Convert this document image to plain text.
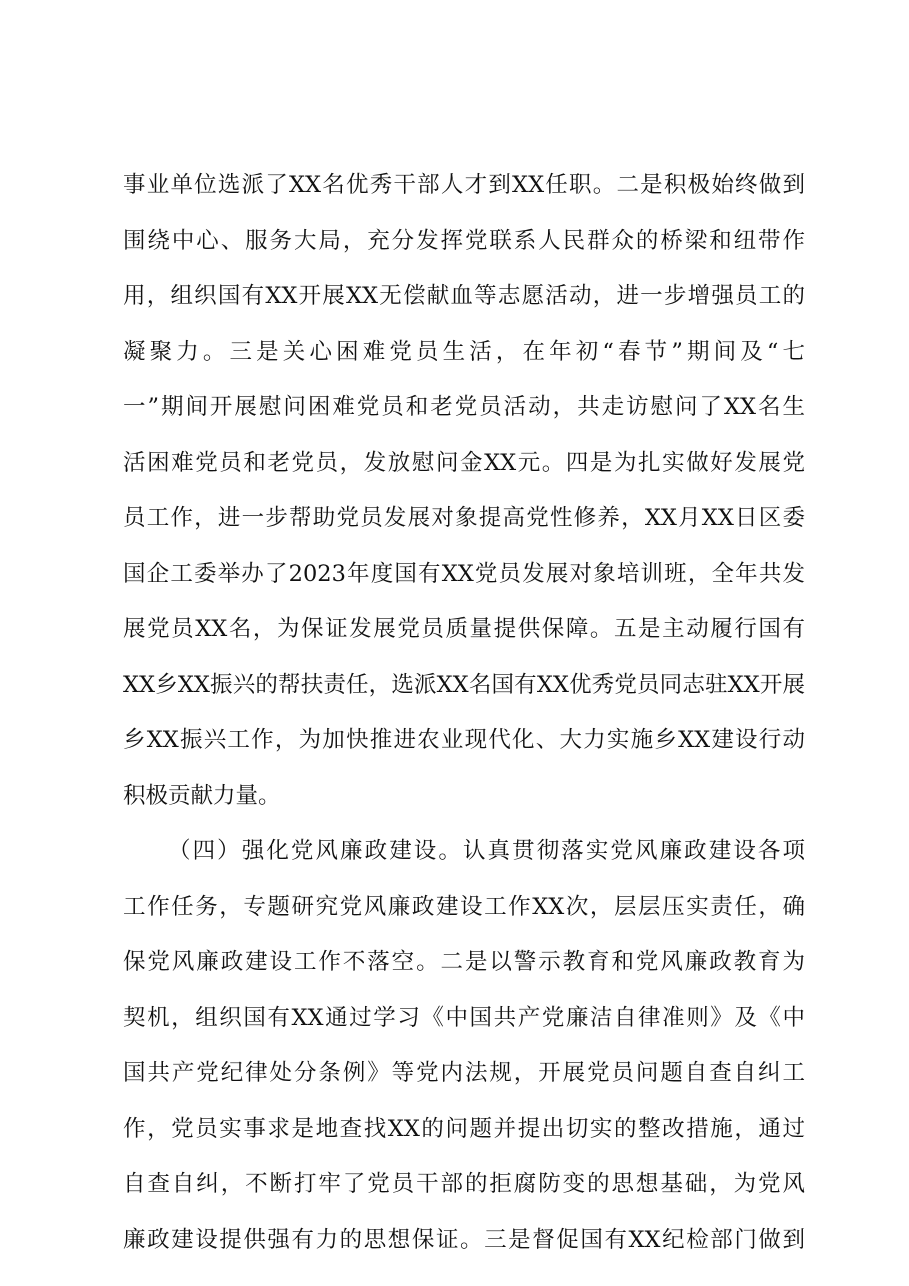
事业单位选派了XX名优秀干部人才到XX任职。二是积极始终做到
围绕中心、服务大局，充分发挥党联系人民群众的桥梁和纽带作
用，组织国有XX开展XX无偿献血等志愿活动，进一步增强员工的
凝聚力。三是关心困难党员生活，在年初“春节”期间及“七
一”期间开展慰问困难党员和老党员活动，共走访慰问了XX名生
活困难党员和老党员，发放慰问金XX元。四是为扎实做好发展党
员工作，进一步帮助党员发展对象提高党性修养，XX月XX日区委
国企工委举办了2023年度国有XX党员发展对象培训班，全年共发
展党员XX名，为保证发展党员质量提供保障。五是主动履行国有
XX乡XX振兴的帮扶责任，选派XX名国有XX优秀党员同志驻XX开展
乡XX振兴工作，为加快推进农业现代化、大力实施乡XX建设行动
积极贡献力量。
（四）强化党风廉政建设。认真贯彻落实党风廉政建设各项
工作任务，专题研究党风廉政建设工作XX次，层层压实责任，确
保党风廉政建设工作不落空。二是以警示教育和党风廉政教育为
契机，组织国有XX通过学习《中国共产党廉洁自律准则》及《中
国共产党纪律处分条例》等党内法规，开展党员问题自查自纠工
作，党员实事求是地查找XX的问题并提出切实的整改措施，通过
自查自纠，不断打牢了党员干部的拒腐防变的思想基础，为党风
廉政建设提供强有力的思想保证。三是督促国有XX纪检部门做到
